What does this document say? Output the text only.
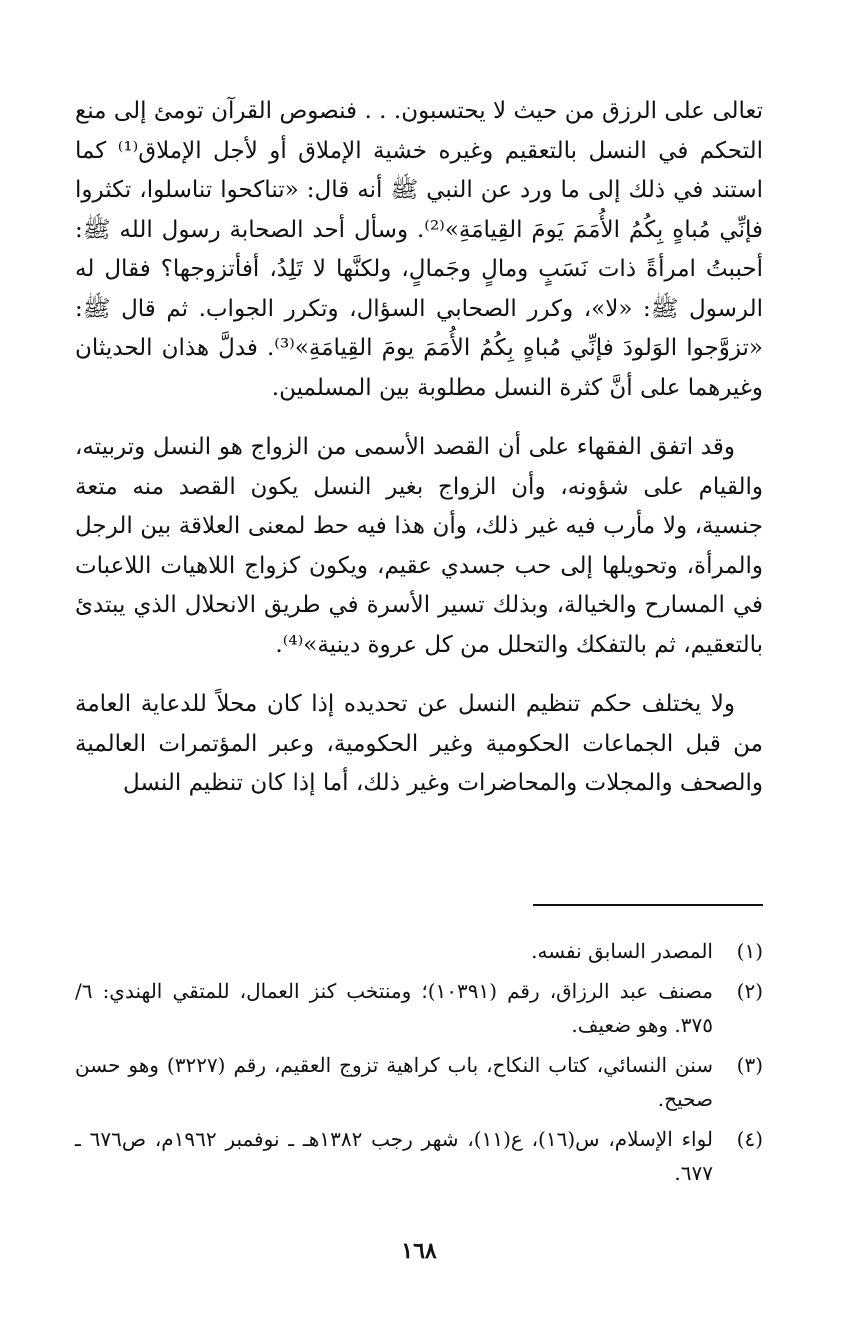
تعالى على الرزق من حيث لا يحتسبون. . . فنصوص القرآن تومئ إلى منع التحكم في النسل بالتعقيم وغيره خشية الإملاق أو لأجل الإملاق⁽¹⁾ كما استند في ذلك إلى ما ورد عن النبي ﷺ أنه قال: «تناكحوا تناسلوا، تكثروا فإنِّي مُباهٍ بِكُمُ الأُمَمَ يَومَ القِيامَةِ»⁽²⁾. وسأل أحد الصحابة رسول الله ﷺ: أحببتُ امرأةً ذات نَسَبٍ ومالٍ وجَمالٍ، ولكنَّها لا تَلِدُ، أفأتزوجها؟ فقال له الرسول ﷺ: «لا»، وكرر الصحابي السؤال، وتكرر الجواب. ثم قال ﷺ: «تزوَّجوا الوَلودَ فإنِّي مُباهٍ بِكُمُ الأُمَمَ يومَ القِيامَةِ»⁽³⁾. فدلَّ هذان الحديثان وغيرهما على أنَّ كثرة النسل مطلوبة بين المسلمين.

وقد اتفق الفقهاء على أن القصد الأسمى من الزواج هو النسل وتربيته، والقيام على شؤونه، وأن الزواج بغير النسل يكون القصد منه متعة جنسية، ولا مأرب فيه غير ذلك، وأن هذا فيه حط لمعنى العلاقة بين الرجل والمرأة، وتحويلها إلى حب جسدي عقيم، ويكون كزواج اللاهيات اللاعبات في المسارح والخيالة، وبذلك تسير الأسرة في طريق الانحلال الذي يبتدئ بالتعقيم، ثم بالتفكك والتحلل من كل عروة دينية»⁽⁴⁾.

ولا يختلف حكم تنظيم النسل عن تحديده إذا كان محلاً للدعاية العامة من قبل الجماعات الحكومية وغير الحكومية، وعبر المؤتمرات العالمية والصحف والمجلات والمحاضرات وغير ذلك، أما إذا كان تنظيم النسل

(١)
المصدر السابق نفسه.
(٢)
مصنف عبد الرزاق، رقم (١٠٣٩١)؛ ومنتخب كنز العمال، للمتقي الهندي: ٦/ ٣٧٥. وهو ضعيف.
(٣)
سنن النسائي، كتاب النكاح، باب كراهية تزوج العقيم، رقم (٣٢٢٧) وهو حسن صحيح.
(٤)
لواء الإسلام، س(١٦)، ع(١١)، شهر رجب ١٣٨٢هـ ـ نوفمبر ١٩٦٢م، ص٦٧٦ ـ ٦٧٧.
١٦٨
